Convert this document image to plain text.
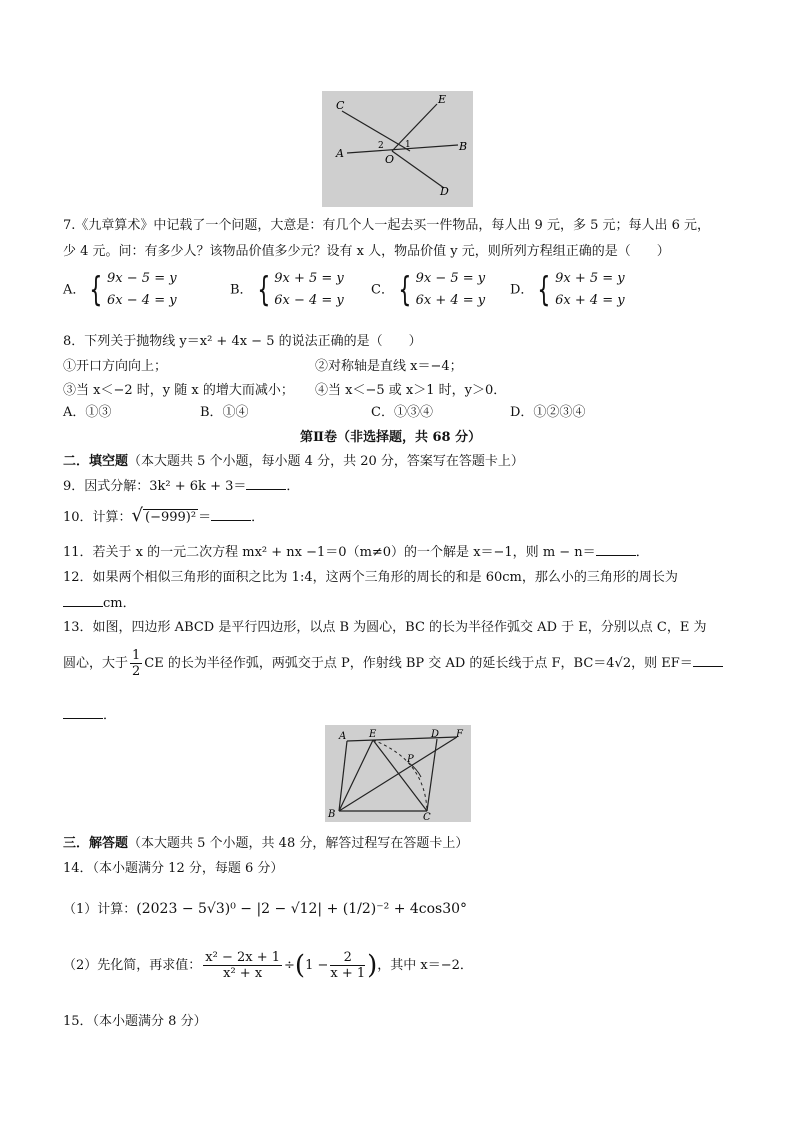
C	E
A	O
B
D
2 1
7.《九章算术》中记载了一个问题，大意是：有几个人一起去买一件物品，每人出 9 元，多 5 元；每人出 6 元，
少 4 元。问：有多少人？该物品价值多少元？设有 x 人，物品价值 y 元，则所列方程组正确的是（　　）
A． { 9x − 5 = y
6x − 4 = y
B． { 9x + 5 = y
6x − 4 = y
C． { 9x − 5 = y
6x + 4 = y
D． { 9x + 5 = y
6x + 4 = y
8．下列关于抛物线 y＝x² + 4x − 5 的说法正确的是（　　）
①开口方向向上；	②对称轴是直线 x＝−4；
③当 x＜−2 时，y 随 x 的增大而减小； ④当 x＜−5 或 x＞1 时，y＞0．
A．①③	B．①④	C．①③④	D．①②③④
第Ⅱ卷（非选择题，共 68 分）
二．填空题（本大题共 5 个小题，每小题 4 分，共 20 分，答案写在答题卡上）
9．因式分解：3k² + 6k + 3＝	．
10．计算：√ (−999)² ＝	．
11．若关于 x 的一元二次方程 mx² + nx −1＝0（m≠0）的一个解是 x＝−1，则 m − n＝	．
12．如果两个相似三角形的面积之比为 1:4，这两个三角形的周长的和是 60cm，那么小的三角形的周长为
cm．
13．如图，四边形 ABCD 是平行四边形，以点 B 为圆心，BC 的长为半径作弧交 AD 于 E，分别以点 C，E 为
圆心，大于 $\frac{1}{2}$ CE 的长为半径作弧，两弧交于点 P，作射线 BP 交 AD 的延长线于点 F，BC＝4√2，则 EF＝
．
A E	D F
P
B	C
三．解答题（本大题共 5 个小题，共 48 分，解答过程写在答题卡上）
14．（本小题满分 12 分，每题 6 分）
（1）计算：(2023 − 5√3)⁰ − |2 − √12| + (1/2)⁻² + 4cos30°
（2）先化简，再求值： $\frac{\text{x² − 2x + 1}}{\text{x² + x}} \div(1 - \frac{2}{x + 1}$ )，其中 x＝−2．
15．（本小题满分 8 分）
